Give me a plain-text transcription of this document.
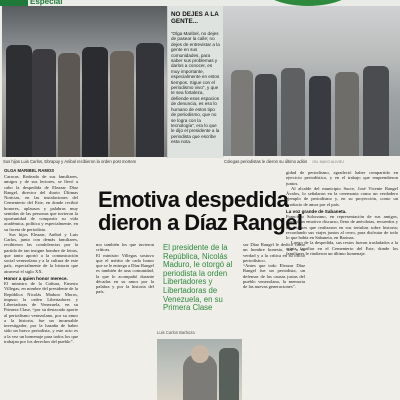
Especial
NO DEJES A LA GENTE...
“Olga Maribel, no dejes de pasear la calle; no dejes de entrevistar a la gente en sus comunidades, para saber sus problemas y darlos a conocer, es muy importante, especialmente en estos tiempos. Sigue con el periodismo vivo”, y que te sea fortaleza, defiende esos espacios de denuncia, es eso lo humano de estos tipo de periodismo, que no se logra con la tecnología”, era lo que le dijo el presidente a la periodista que escribe esta nota.
Sus hijos Luis Carlos, Ebrapuy y Anibal recibieron la orden post mortem	Colegas periodistas le dieron su último adiós ON. MAYO ALIVIEJ
OLGA MARIBEL RAMOS

Caracas. Rodeado de sus familiares, amigos y de sus lectores, se llevó a cabo la despedida de Eleazar Díaz Rangel, director del diario Últimas Noticias, en las instalaciones del Cementerio del Este, en donde recibió honores, aplausos y palabras muy sentidas de las personas que tuvieron la oportunidad de compartir su vida académica, política y especialmente, en su faceta de periodista.

Sus hijos Eleazar, Aníbal y Luis Carlos, junto con demás familiares, recibieron las condolencias por la partida de tan insigne hombre de letras, que tanto aportó a la comunicación social venezolana y a la cultura de este país, especialmente de la historia que atravesó el siglo XX.

Honor a quien honor merece.

El ministro de la Cultura, Ernesto Villegas, en nombre del presidente de la República Nicolás Maduro Moros, impuso la orden Libertadores y Libertadoras de Venezuela, en su Primera Clase, “por su destacado aporte al periodismo venezolano, por su amor a la historia, fue un incansable investigador, por la hazaña de haber sido un bravo periodista, y este acto es a la vez un homenaje para todos los que trabajan por los derechos del pueblo”.

Emotiva despedida
dieron a Díaz Rangel
mo también los que tuvieron críticas.
El ministro Villegas sostuvo que el mérito de cada honor que se le entrega a Díaz Rangel es también de una comunidad, la que lo acompañó durante décadas en su amor por la palabra y por la historia del país.
El presidente de la República, Nicolás Maduro, le otorgó al periodista la orden Libertadores y Libertadoras de Venezuela, en su Primera Clase
Luis Carlos Barboza
sor Díaz Rangel le dedicó como un hombre honesto, fiel a su verdad y a la crítica en su oficio periodístico.
“Antes que todo Eleazar Díaz Rangel fue un periodista, un defensor de las causas justas del pueblo venezolano, la memoria de las nuevas generaciones”.

gidad de periodismo, agradeció haber compartido en ejercicio periodístico, y en el trabajo que emprendieron juntos.

Al alcalde del municipio Sucre, José Vicente Rangel Ávalos, lo señalaron en la ceremonia como un verdadero ejemplo de periodismo y, en su proyección, como un producto de amor por el país.

La voz grande de Sabaneta.

Francisco Solorzano, en representación de sus amigos, ofreció un emotivo discurso, lleno de anécdotas, recuerdos y discusiones que realizaron en sus tertulias sobre historia; recordando sus viajes juntos al cerro, para disfrutar de todo lo que había en Sabaneta, en Barinas.

Luego de la despedida, sus restos fueron trasladados a la cripta familiar en el Cementerio del Este, donde los familiares le rindieron un último homenaje.
